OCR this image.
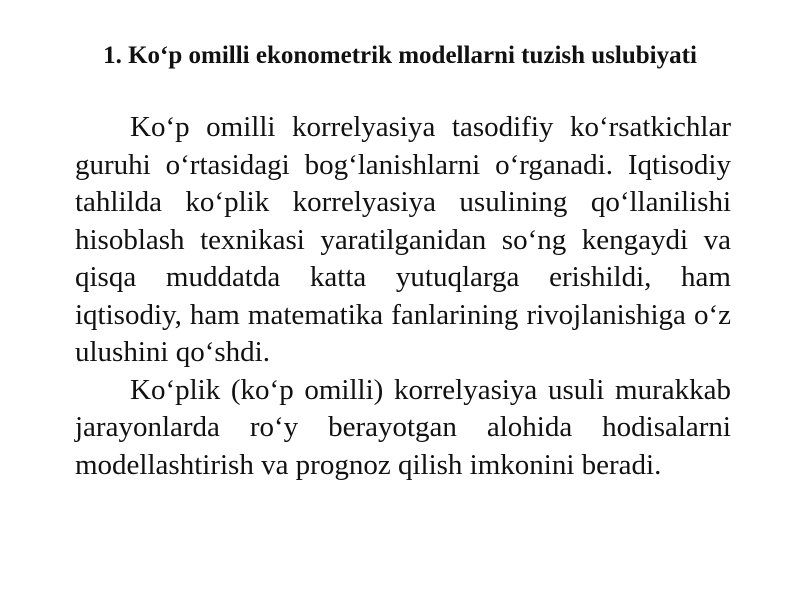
1. Ko‘p omilli ekonometrik modellarni tuzish uslubiyati

Ko‘p omilli korrelyasiya tasodifiy ko‘rsatkichlar guruhi o‘rtasidagi bog‘lanishlarni o‘rganadi. Iqtisodiy tahlilda ko‘plik korrelyasiya usulining qo‘llanilishi hisoblash texnikasi yaratilganidan so‘ng kengaydi va qisqa muddatda katta yutuqlarga erishildi, ham iqtisodiy, ham matematika fanlarining rivojlanishiga o‘z ulushini qo‘shdi.

Ko‘plik (ko‘p omilli) korrelyasiya usuli murakkab jarayonlarda ro‘y berayotgan alohida hodisalarni modellashtirish va prognoz qilish imkonini beradi.
